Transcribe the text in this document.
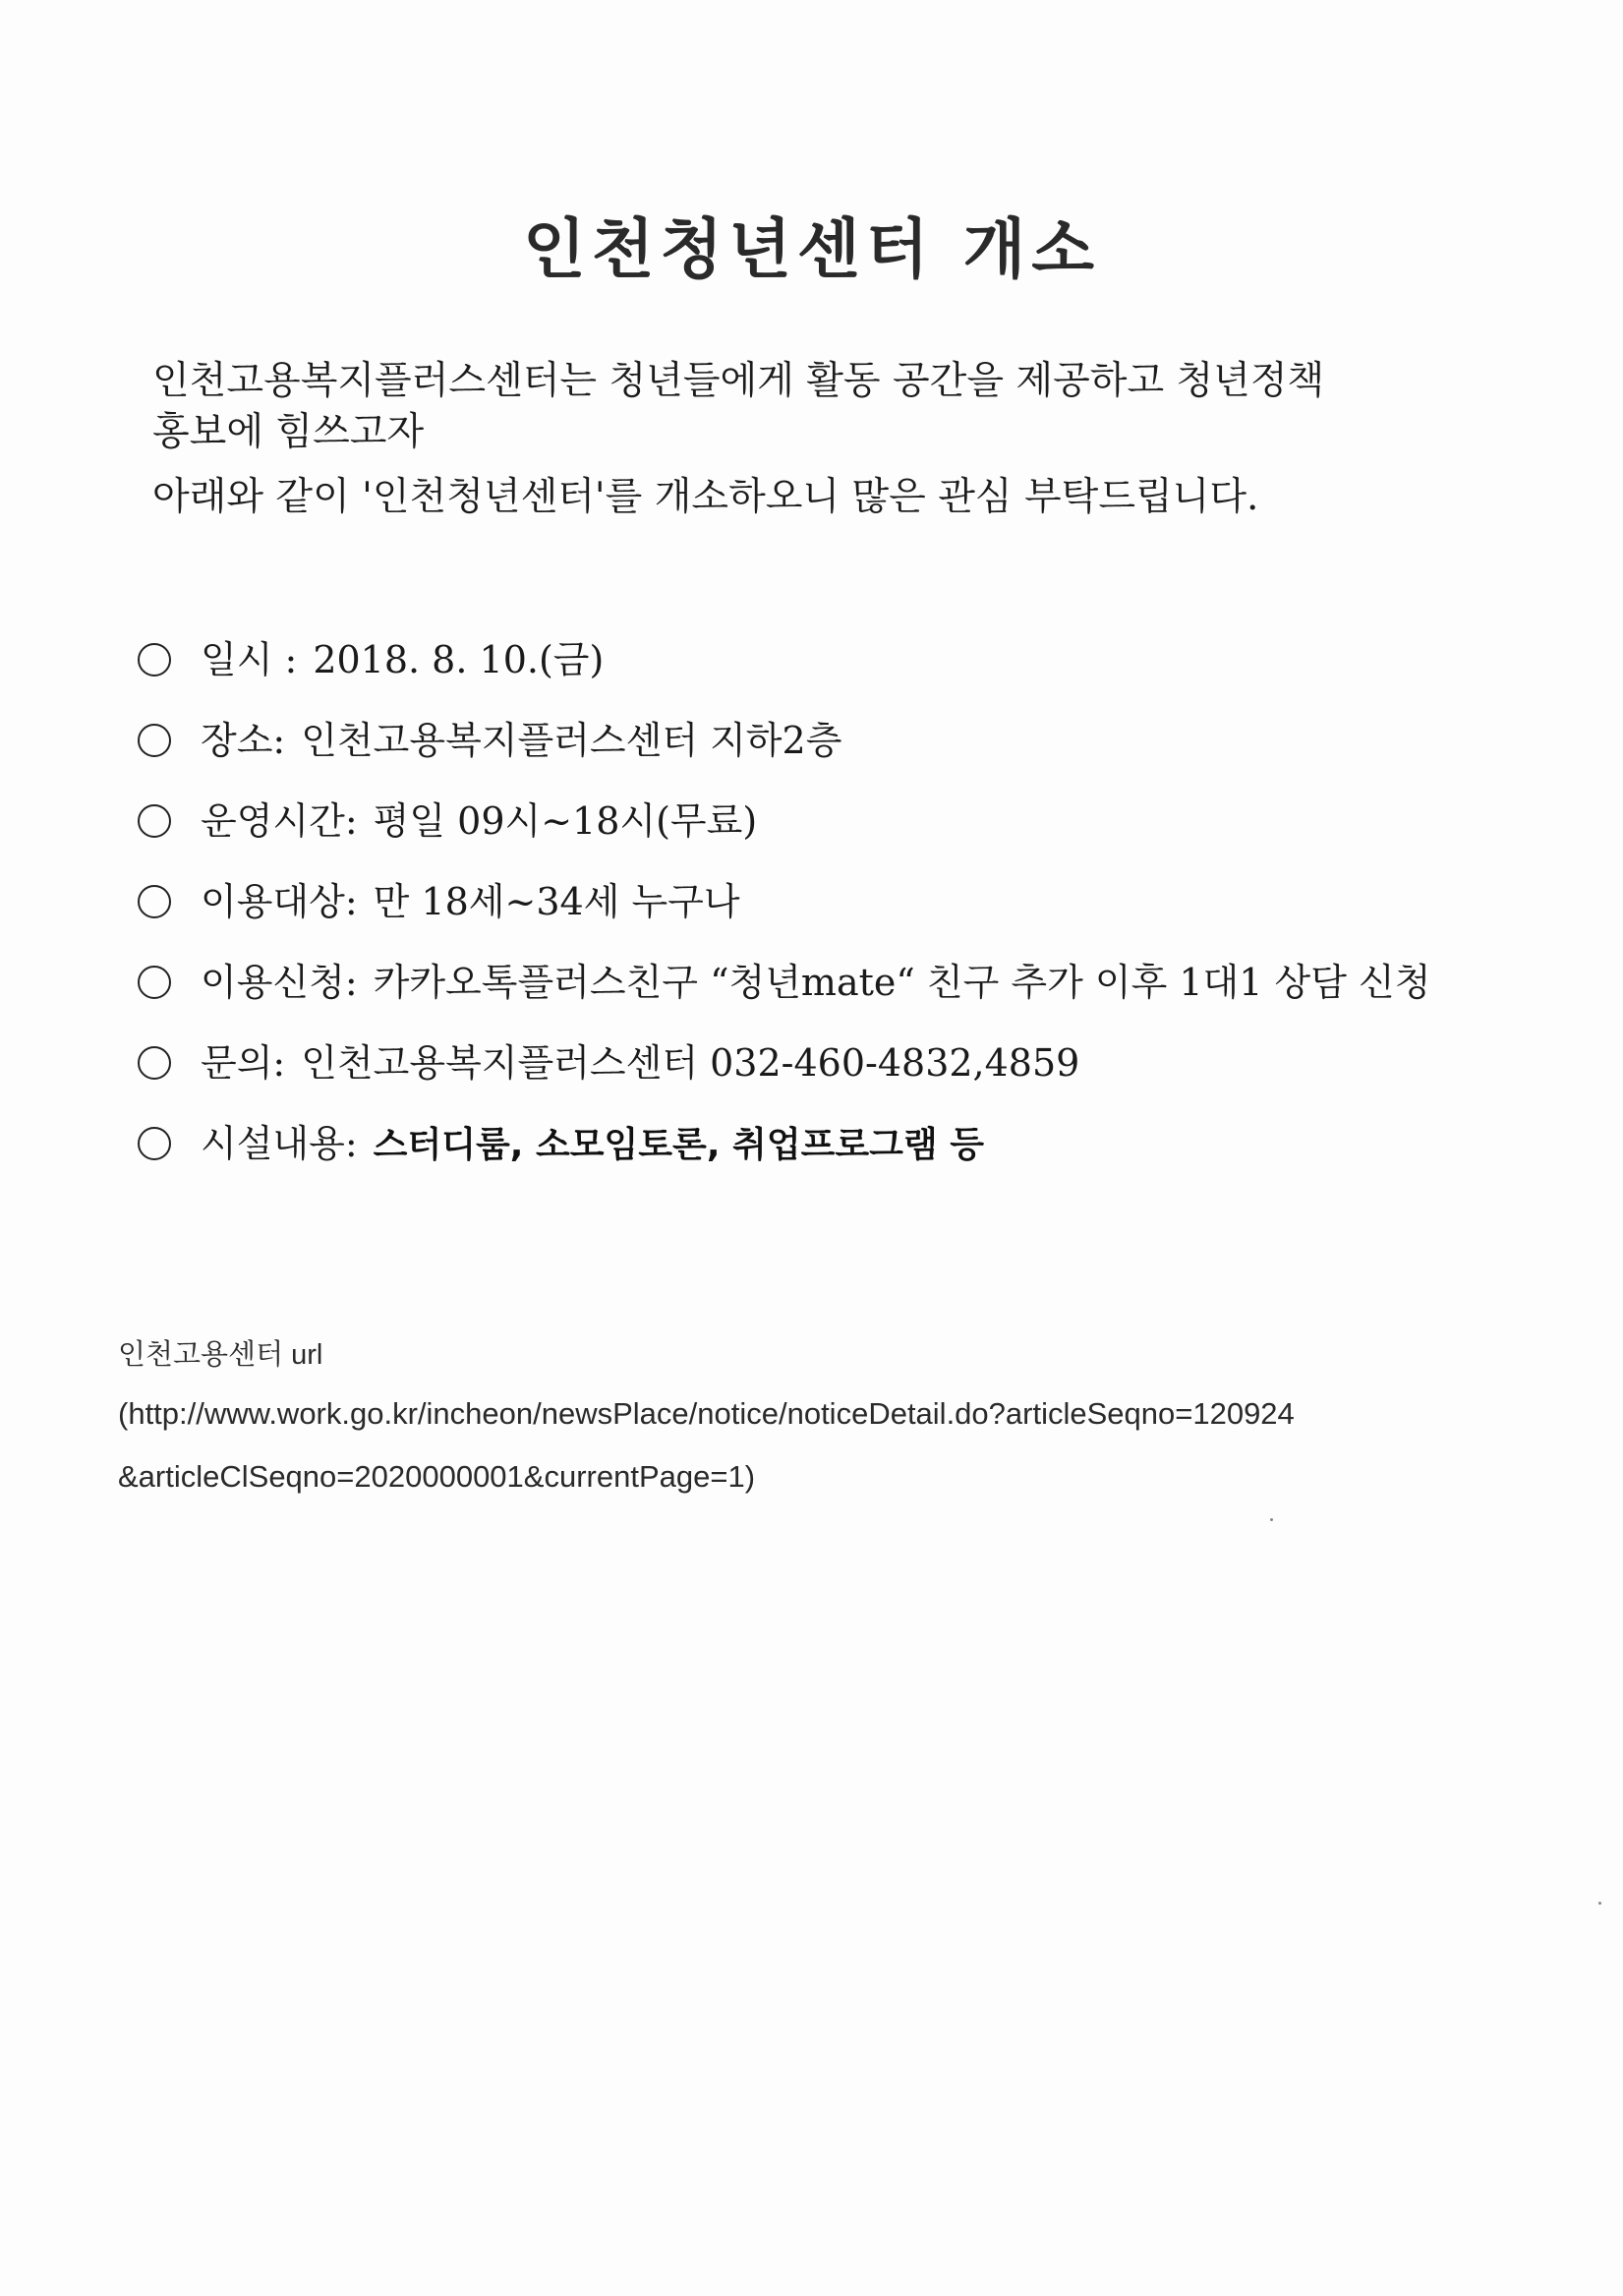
인천청년센터 개소
인천고용복지플러스센터는 청년들에게 활동 공간을 제공하고 청년정책
홍보에 힘쓰고자
아래와 같이 '인천청년센터'를 개소하오니 많은 관심 부탁드립니다.
일시 : 2018. 8. 10.(금)
장소: 인천고용복지플러스센터 지하2층
운영시간: 평일 09시~18시(무료)
이용대상: 만 18세~34세 누구나
이용신청: 카카오톡플러스친구 “청년mate“ 친구 추가 이후 1대1 상담 신청
문의: 인천고용복지플러스센터 032-460-4832,4859
시설내용: 스터디룸, 소모임토론, 취업프로그램 등
인천고용센터 url
(http://www.work.go.kr/incheon/newsPlace/notice/noticeDetail.do?articleSeqno=120924
&articleClSeqno=2020000001&currentPage=1)
